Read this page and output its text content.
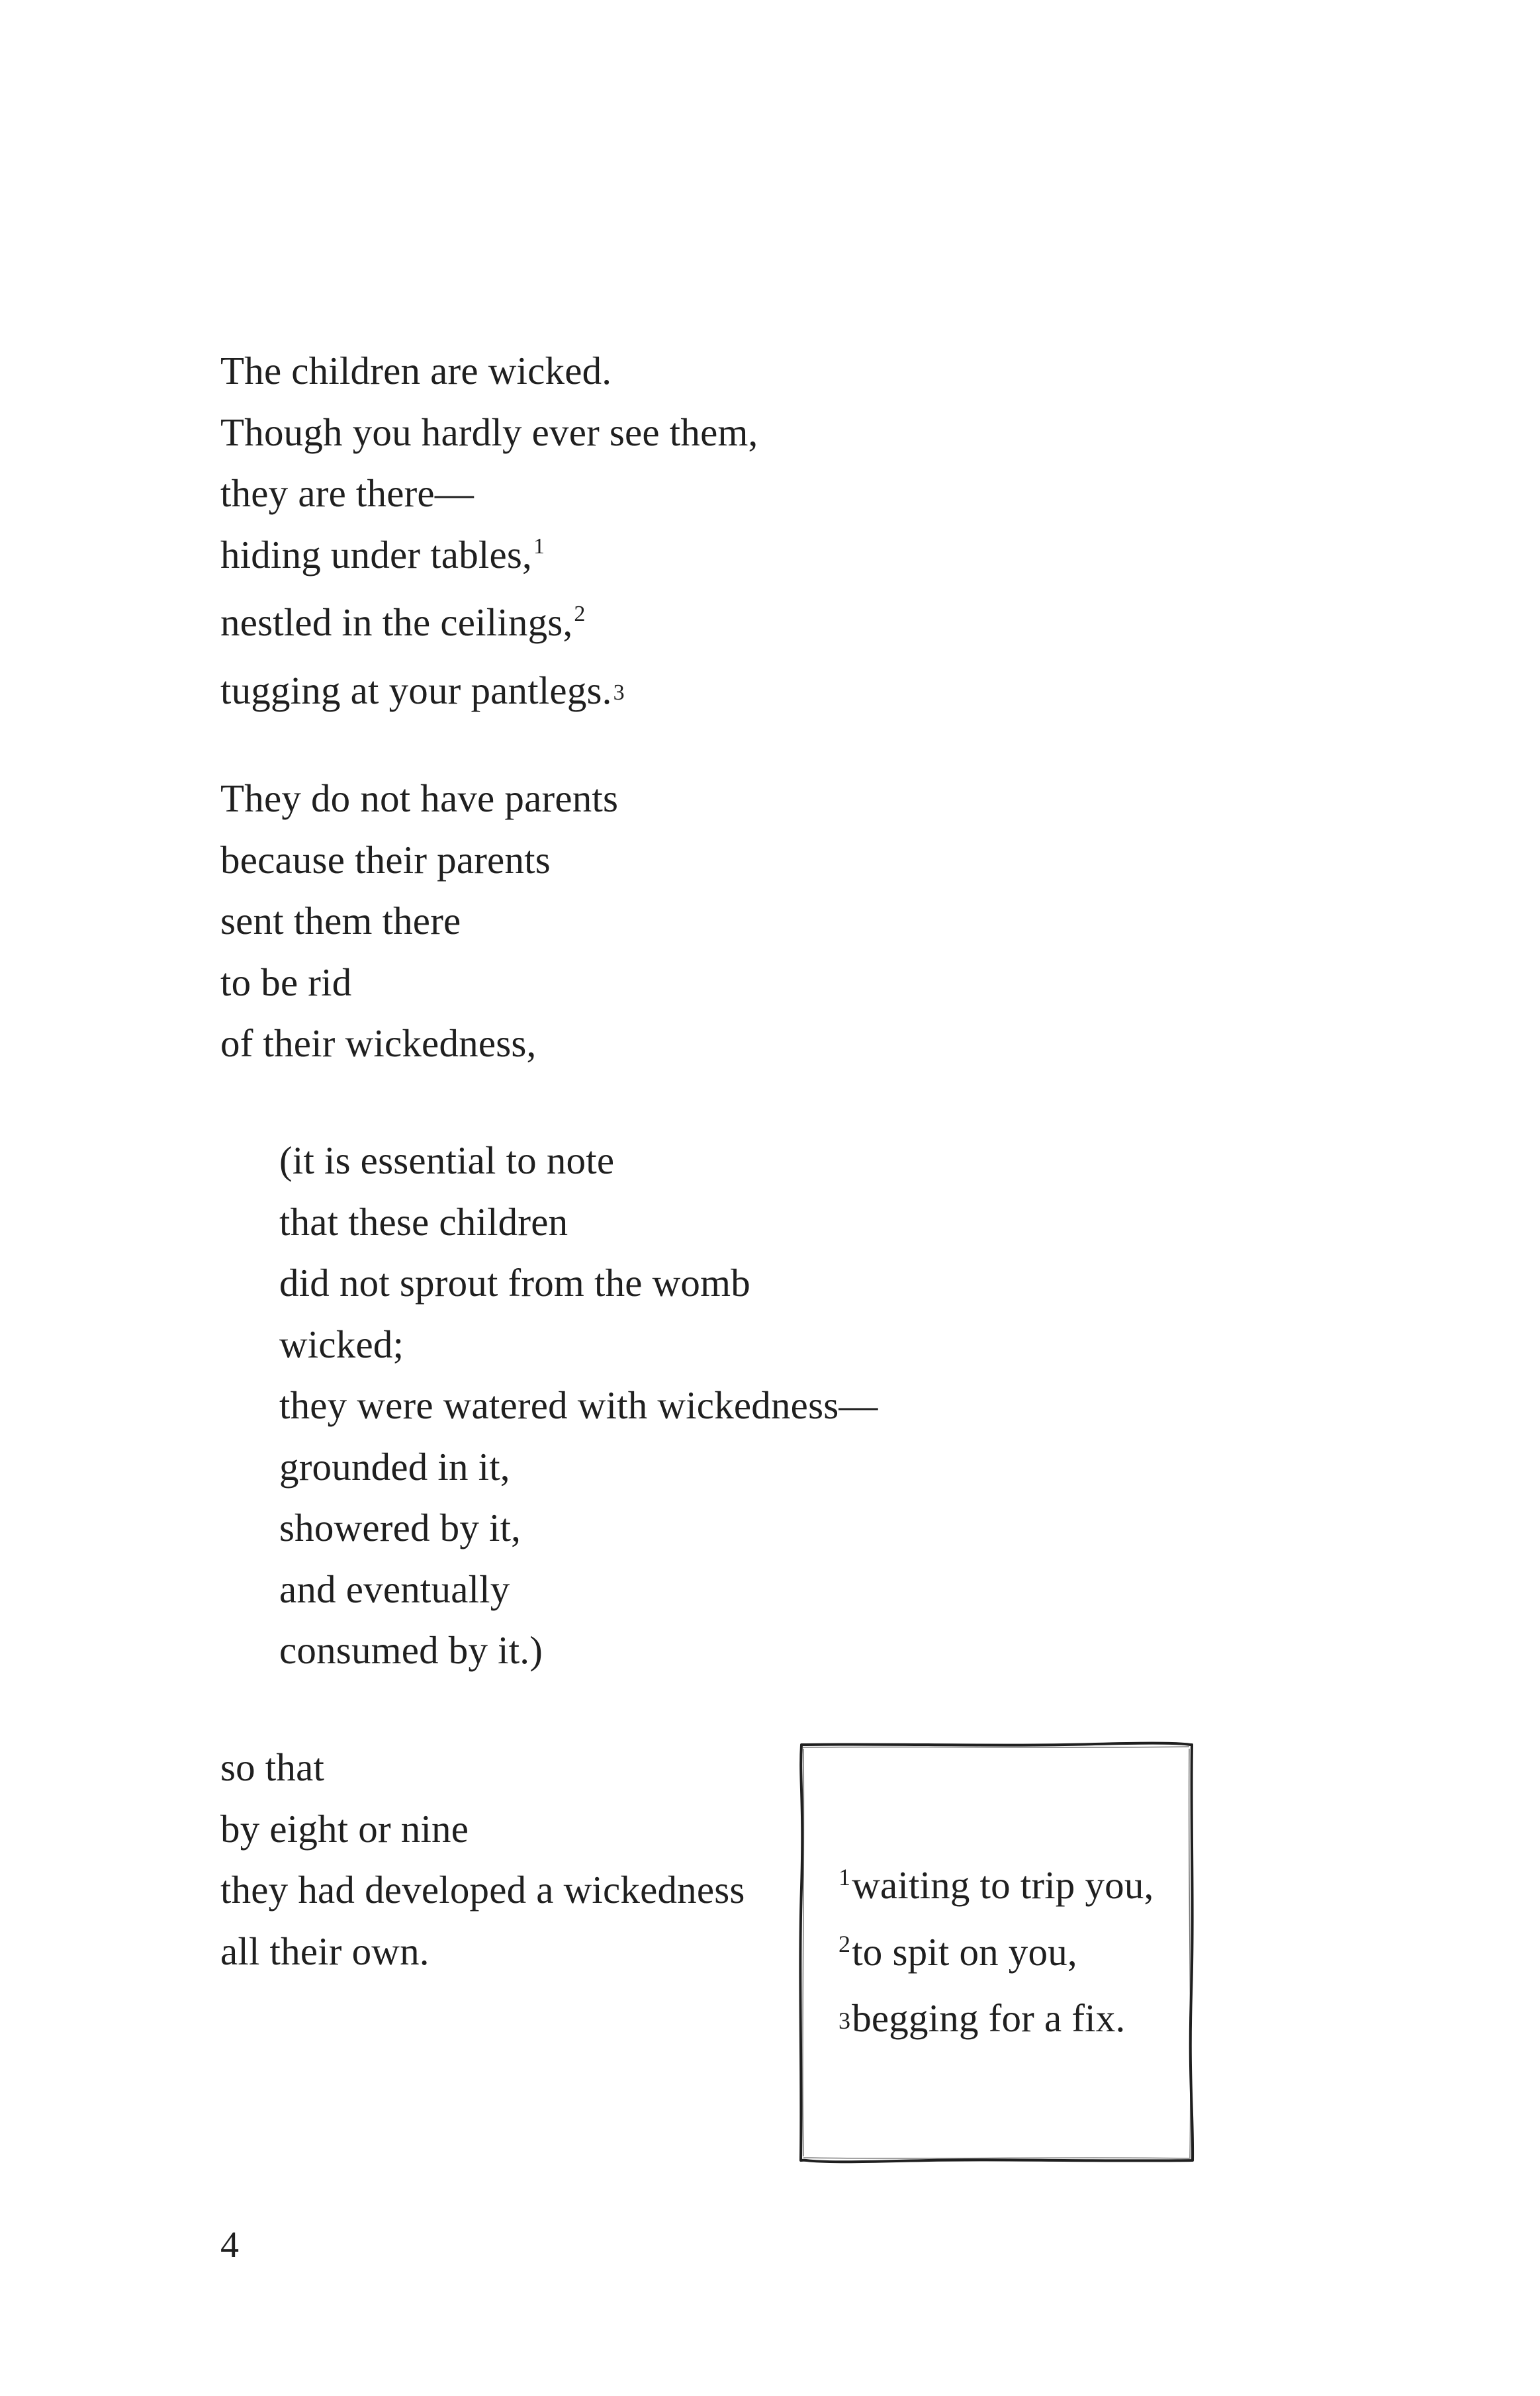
The children are wicked.
Though you hardly ever see them,
they are there—
hiding under tables,$^1$
nestled in the ceilings,$^2$
tugging at your pantlegs.3
They do not have parents
because their parents
sent them there
to be rid
of their wickedness,
(it is essential to note
that these children
did not sprout from the womb
wicked;
they were watered with wickedness—
grounded in it,
showered by it,
and eventually
consumed by it.)
so that
by eight or nine
they had developed a wickedness
all their own.
$^1$waiting to trip you,
$^2$to spit on you,
3begging for a fix.

4
